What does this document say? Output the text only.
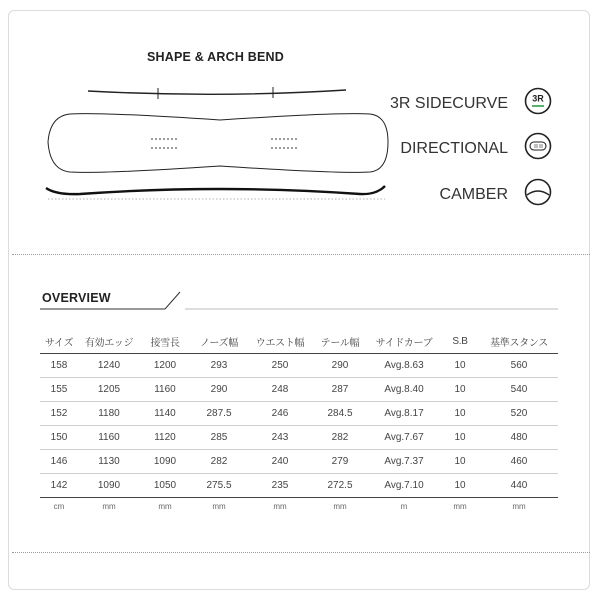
SHAPE & ARCH BEND
3R SIDECURVE	3R
DIRECTIONAL
CAMBER
OVERVIEW
サイズ	有効エッジ	接雪長	ノーズ幅	ウエスト幅	テール幅	サイドカーブ	S.B	基準スタンス
158	1240	1200	293	250	290	Avg.8.63	10	560
155	1205	1160	290	248	287	Avg.8.40	10	540
152	1180	1140	287.5	246	284.5	Avg.8.17	10	520
150	1160	1120	285	243	282	Avg.7.67	10	480
146	1130	1090	282	240	279	Avg.7.37	10	460
142	1090	1050	275.5	235	272.5	Avg.7.10	10	440
cm	mm	mm	mm	mm	mm	m	mm	mm
